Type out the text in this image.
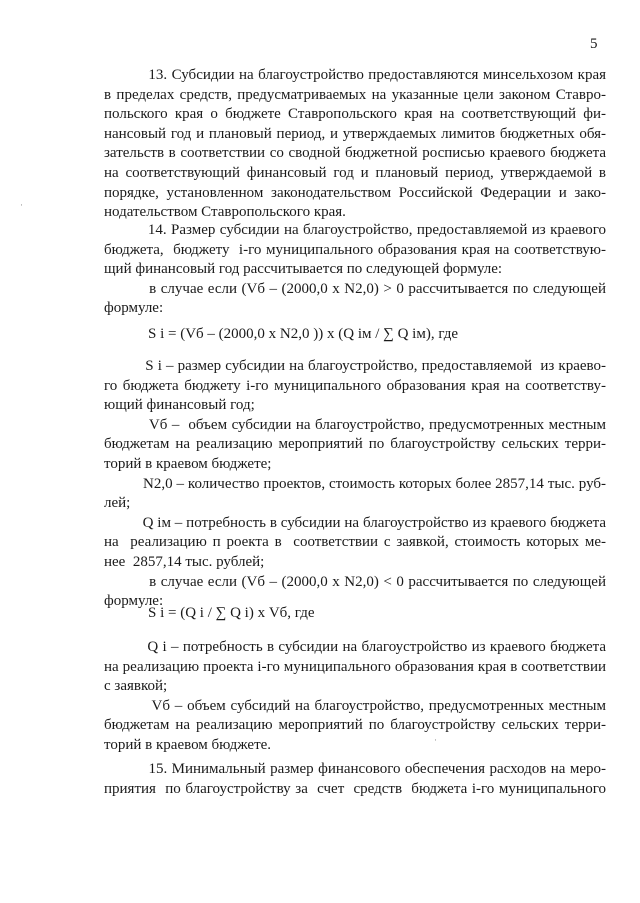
5
13. Субсидии на благоустройство предоставляются минсельхозом края
в пределах средств, предусматриваемых на указанные цели законом Ставро-
польского края о бюджете Ставропольского края на соответствующий фи-
нансовый год и плановый период, и утверждаемых лимитов бюджетных обя-
зательств в соответствии со сводной бюджетной росписью краевого бюджета
на соответствующий финансовый год и плановый период, утверждаемой в
порядке, установленном законодательством Российской Федерации и зако-
нодательством Ставропольского края.
14. Размер субсидии на благоустройство, предоставляемой из краевого
бюджета,  бюджету  i-го муниципального образования края на соответствую-
щий финансовый год рассчитывается по следующей формуле:
в случае если (Vб – (2000,0 х N2,0) > 0 рассчитывается по следующей
формуле:
S i = (Vб – (2000,0 х N2,0 )) х (Q iм / ∑ Q iм), где
S i – размер субсидии на благоустройство, предоставляемой  из краево-
го бюджета бюджету i-го муниципального образования края на соответству-
ющий финансовый год;
Vб –  объем субсидии на благоустройство, предусмотренных местным
бюджетам на реализацию мероприятий по благоустройству сельских терри-
торий в краевом бюджете;
N2,0 – количество проектов, стоимость которых более 2857,14 тыс. руб-
лей;
Q iм – потребность в субсидии на благоустройство из краевого бюджета
на  реализацию п роекта в  соответствии с заявкой, стоимость которых ме-
нее  2857,14 тыс. рублей;
в случае если (Vб – (2000,0 х N2,0) < 0 рассчитывается по следующей
формуле:
S i = (Q i / ∑ Q i) х Vб, где
Q i – потребность в субсидии на благоустройство из краевого бюджета
на реализацию проекта i-го муниципального образования края в соответствии
с заявкой;
Vб – объем субсидий на благоустройство, предусмотренных местным
бюджетам на реализацию мероприятий по благоустройству сельских терри-
торий в краевом бюджете.
15. Минимальный размер финансового обеспечения расходов на меро-
приятия  по благоустройству за  счет  средств  бюджета i-го муниципального
·
·
